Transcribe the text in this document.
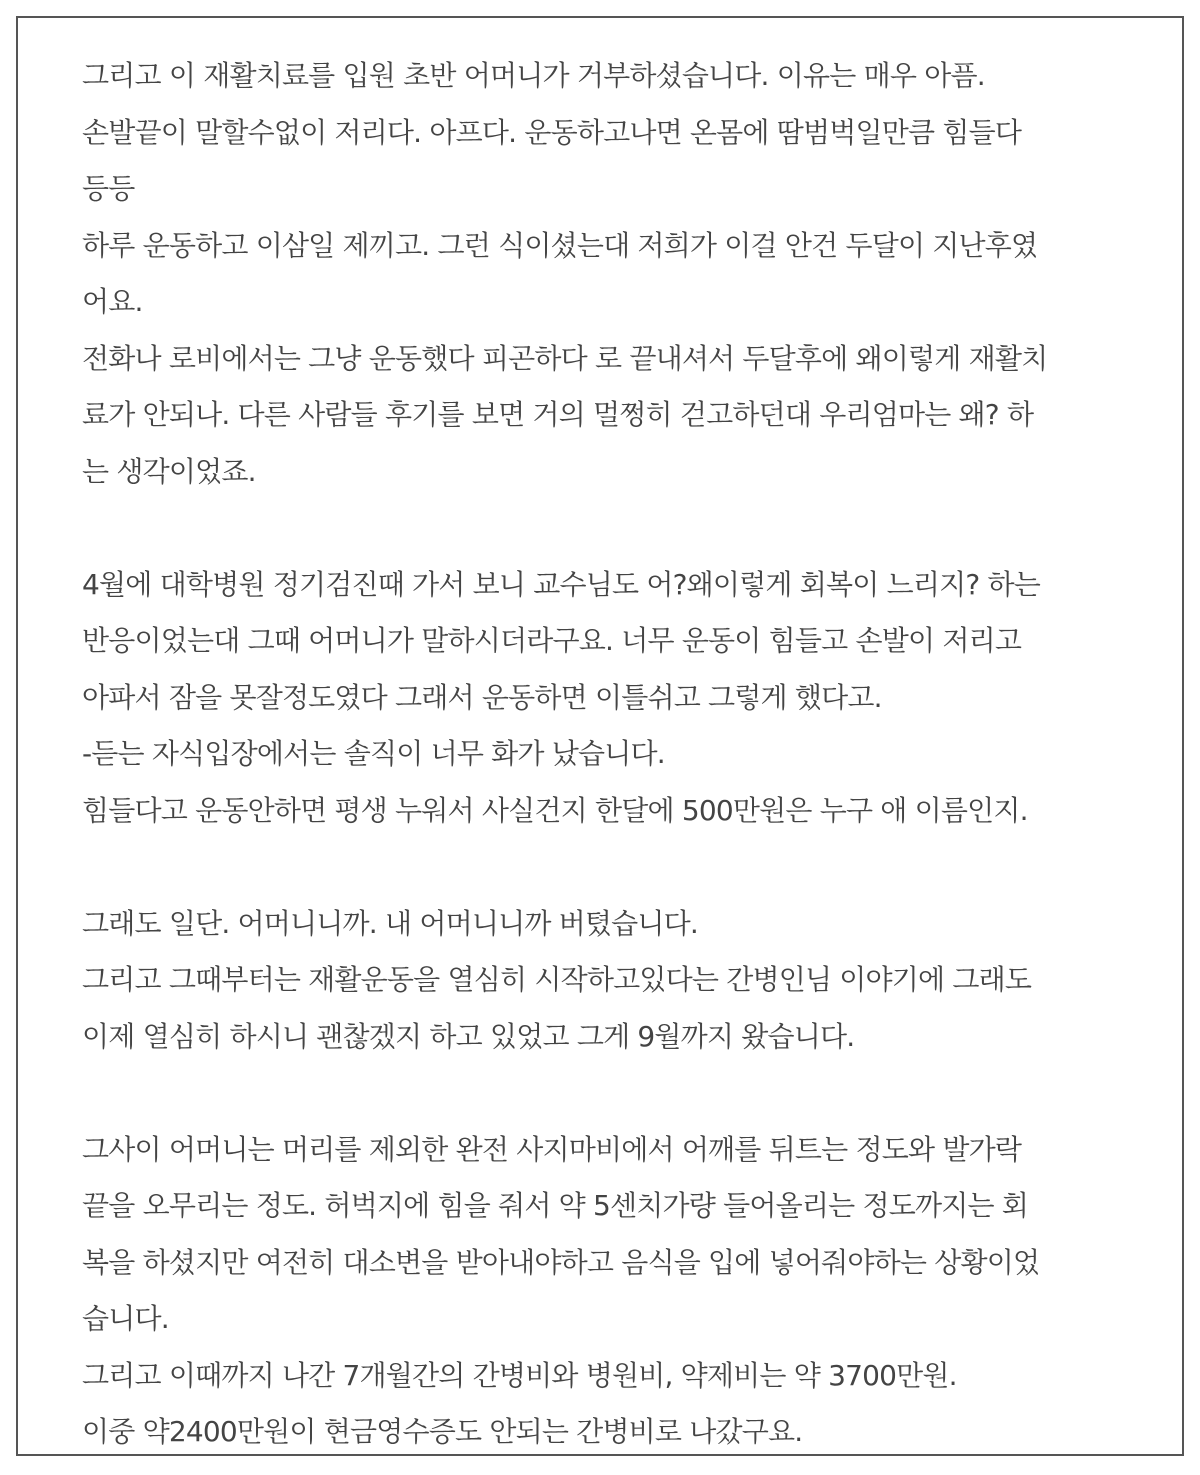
그리고 이 재활치료를 입원 초반 어머니가 거부하셨습니다. 이유는 매우 아픔.
손발끝이 말할수없이 저리다. 아프다. 운동하고나면 온몸에 땀범벅일만큼 힘들다
등등
하루 운동하고 이삼일 제끼고. 그런 식이셨는대 저희가 이걸 안건 두달이 지난후였
어요.
전화나 로비에서는 그냥 운동했다 피곤하다 로 끝내셔서 두달후에 왜이렇게 재활치
료가 안되나. 다른 사람들 후기를 보면 거의 멀쩡히 걷고하던대 우리엄마는 왜? 하
는 생각이었죠.
4월에 대학병원 정기검진때 가서 보니 교수님도 어?왜이렇게 회복이 느리지? 하는
반응이었는대 그때 어머니가 말하시더라구요. 너무 운동이 힘들고 손발이 저리고
아파서 잠을 못잘정도였다 그래서 운동하면 이틀쉬고 그렇게 했다고.
-듣는 자식입장에서는 솔직이 너무 화가 났습니다.
힘들다고 운동안하면 평생 누워서 사실건지 한달에 500만원은 누구 애 이름인지.
그래도 일단. 어머니니까. 내 어머니니까 버텼습니다.
그리고 그때부터는 재활운동을 열심히 시작하고있다는 간병인님 이야기에 그래도
이제 열심히 하시니 괜찮겠지 하고 있었고 그게 9월까지 왔습니다.
그사이 어머니는 머리를 제외한 완전 사지마비에서 어깨를 뒤트는 정도와 발가락
끝을 오무리는 정도. 허벅지에 힘을 줘서 약 5센치가량 들어올리는 정도까지는 회
복을 하셨지만 여전히 대소변을 받아내야하고 음식을 입에 넣어줘야하는 상황이었
습니다.
그리고 이때까지 나간 7개월간의 간병비와 병원비, 약제비는 약 3700만원.
이중 약2400만원이 현금영수증도 안되는 간병비로 나갔구요.
